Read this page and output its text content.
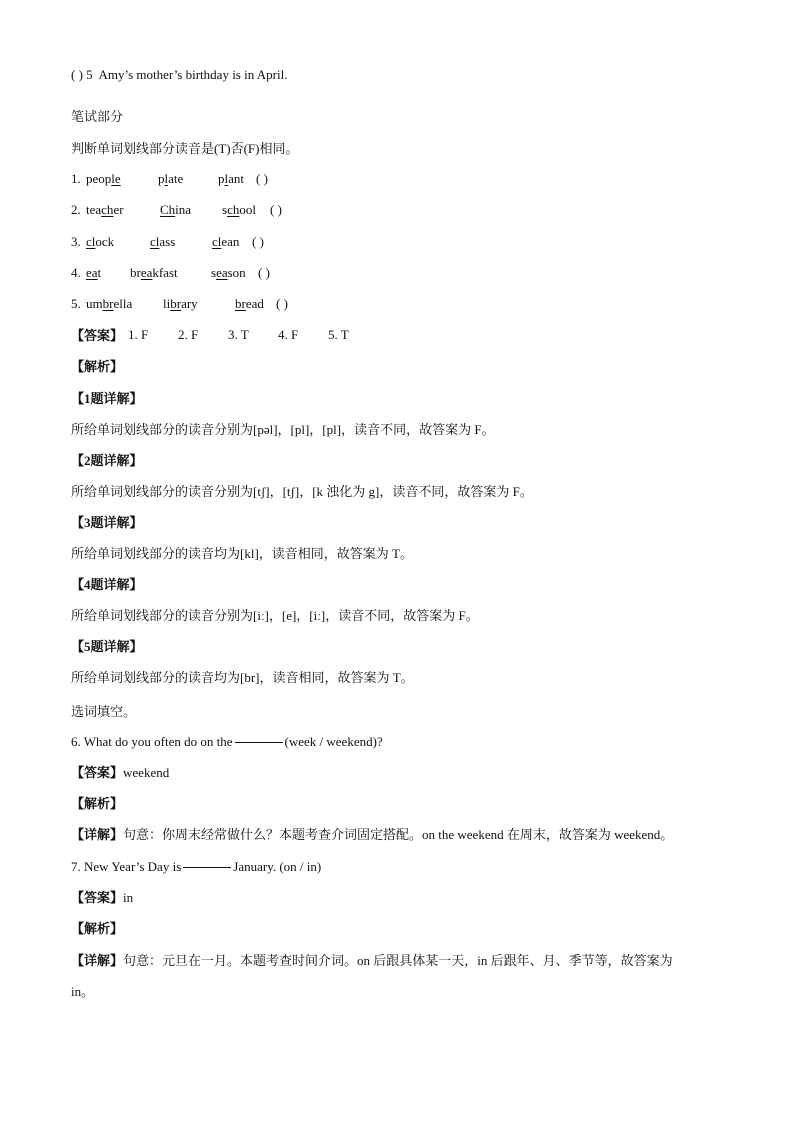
( ) 5 Amy’s mother’s birthday is in April.
笔试部分
判断单词划线部分读音是(T)否(F)相同。
1. people	plate	plant ( )
2. teacher	China school ( )
3. clock	class	clean ( )
4. eat breakfast	season ( )
5. umbrella library	bread ( )
【答案】 1. F 2. F 3. T 4. F 5. T
【解析】
【1题详解】
所给单词划线部分的读音分别为[pəl]，[pl]，[pl]，读音不同，故答案为 F。
【2题详解】
所给单词划线部分的读音分别为[tʃ]，[tʃ]，[k 浊化为 g]，读音不同，故答案为 F。
【3题详解】
所给单词划线部分的读音均为[kl]，读音相同，故答案为 T。
【4题详解】
所给单词划线部分的读音分别为[iː]，[e]，[iː]，读音不同，故答案为 F。
【5题详解】
所给单词划线部分的读音均为[br]，读音相同，故答案为 T。
选词填空。
6. What do you often do on the	(week / weekend)?
【答案】weekend
【解析】
【详解】句意：你周末经常做什么？本题考查介词固定搭配。on the weekend 在周末，故答案为 weekend。
7. New Year’s Day is	January. (on / in)
【答案】in
【解析】
【详解】句意：元旦在一月。本题考查时间介词。on 后跟具体某一天，in 后跟年、月、季节等，故答案为
in。
